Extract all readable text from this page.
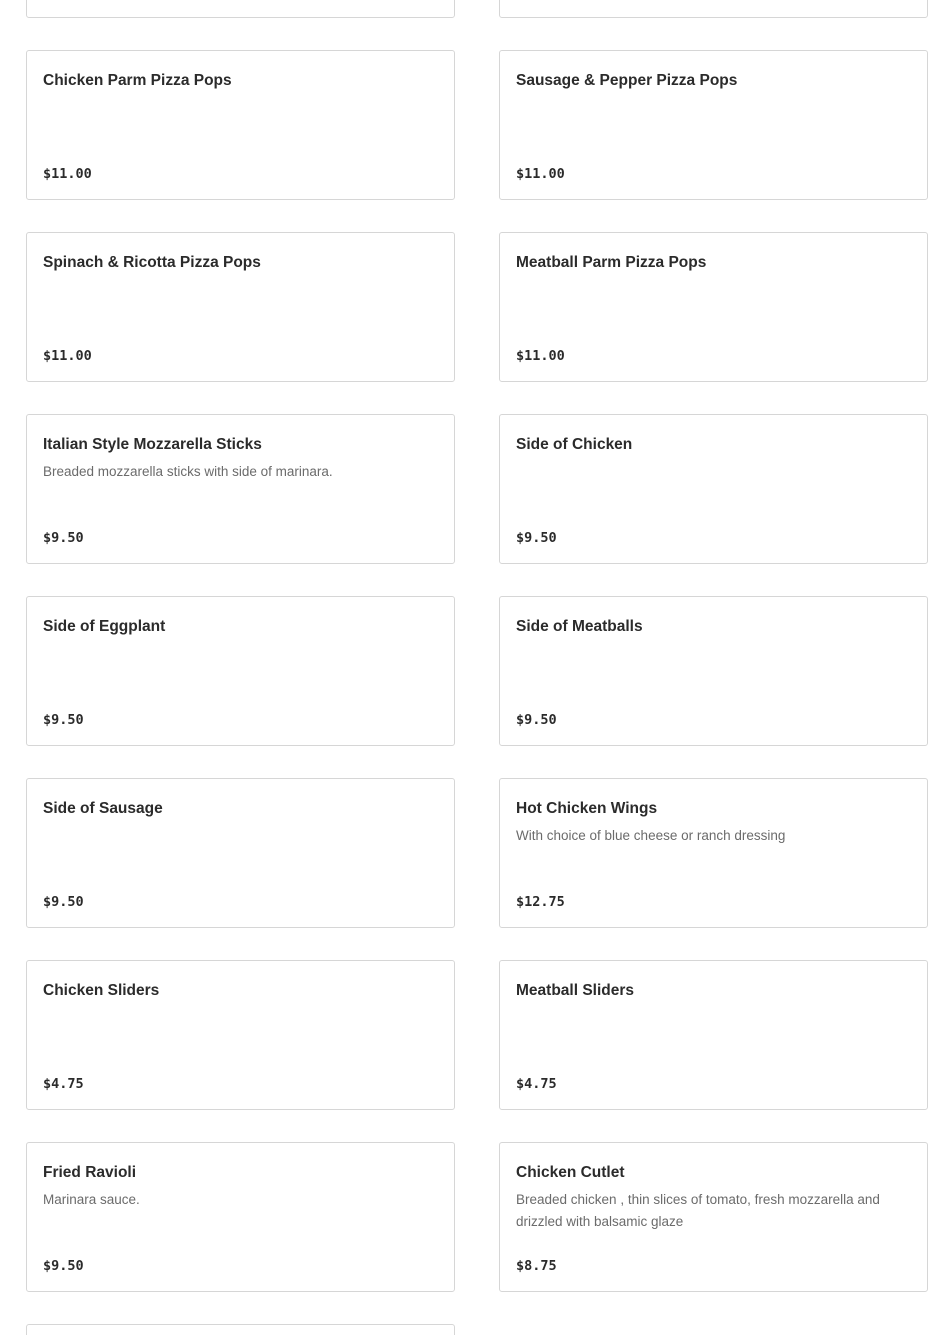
Chicken Parm Pizza Pops
$11.00
Sausage & Pepper Pizza Pops
$11.00
Spinach & Ricotta Pizza Pops
$11.00
Meatball Parm Pizza Pops
$11.00
Italian Style Mozzarella Sticks
Breaded mozzarella sticks with side of marinara.
$9.50
Side of Chicken
$9.50
Side of Eggplant
$9.50
Side of Meatballs
$9.50
Side of Sausage
$9.50
Hot Chicken Wings
With choice of blue cheese or ranch dressing
$12.75
Chicken Sliders
$4.75
Meatball Sliders
$4.75
Fried Ravioli
Marinara sauce.
$9.50
Chicken Cutlet
Breaded chicken , thin slices of tomato, fresh mozzarella and drizzled with balsamic glaze
$8.75
